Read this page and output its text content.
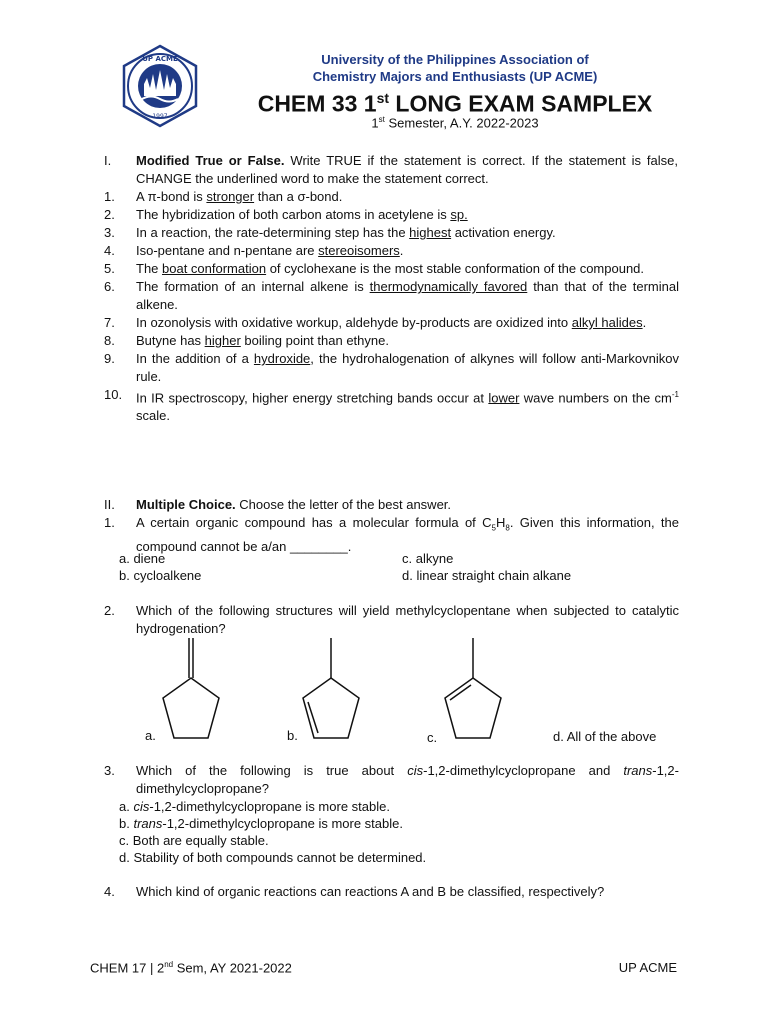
UP ACME
1997
University of the Philippines Association of
Chemistry Majors and Enthusiasts (UP ACME)
CHEM 33 1st LONG EXAM SAMPLEX
1st Semester, A.Y. 2022-2023
I.	Modified True or False. Write TRUE if the statement is correct. If the statement is false, CHANGE the underlined word to make the statement correct.
1.	A π-bond is stronger than a σ-bond.
2.	The hybridization of both carbon atoms in acetylene is sp.
3.	In a reaction, the rate-determining step has the highest activation energy.
4.	Iso-pentane and n-pentane are stereoisomers.
5.	The boat conformation of cyclohexane is the most stable conformation of the compound.
6.	The formation of an internal alkene is thermodynamically favored than that of the terminal alkene.
7.	In ozonolysis with oxidative workup, aldehyde by-products are oxidized into alkyl halides.
8.	Butyne has higher boiling point than ethyne.
9.	In the addition of a hydroxide, the hydrohalogenation of alkynes will follow anti-Markovnikov rule.
10.	In IR spectroscopy, higher energy stretching bands occur at lower wave numbers on the $cm^{-1}$ scale.
II.	Multiple Choice. Choose the letter of the best answer.
1.	A certain organic compound has a molecular formula of $C_5H_8$. Given this information, the compound cannot be a/an ________.
a. diene	c. alkyne
b. cycloalkene	d. linear straight chain alkane
2.	Which of the following structures will yield methylcyclopentane when subjected to catalytic hydrogenation?
a.	b.	c.	d. All of the above
3.	Which of the following is true about cis-1,2-dimethylcyclopropane and trans-1,2-dimethylcyclopropane?
a. cis-1,2-dimethylcyclopropane is more stable.
b. trans-1,2-dimethylcyclopropane is more stable.
c. Both are equally stable.
d. Stability of both compounds cannot be determined.
4.	Which kind of organic reactions can reactions A and B be classified, respectively?
CHEM 17 | 2nd Sem, AY 2021-2022	UP ACME
